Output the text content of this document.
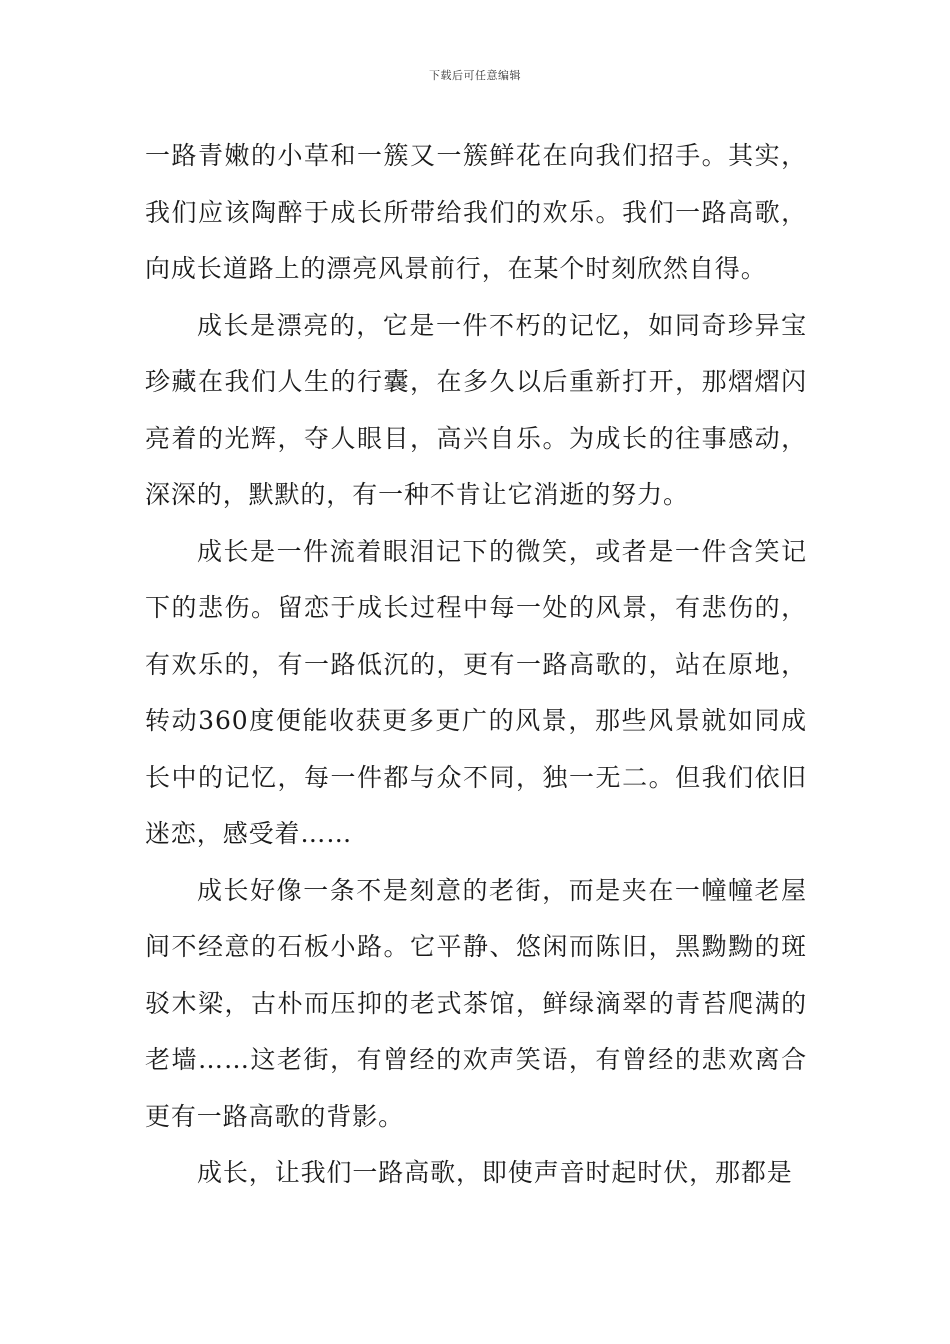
下载后可任意编辑

一路青嫩的小草和一簇又一簇鲜花在向我们招手。其实，我们应该陶醉于成长所带给我们的欢乐。我们一路高歌，向成长道路上的漂亮风景前行，在某个时刻欣然自得。

成长是漂亮的，它是一件不朽的记忆，如同奇珍异宝珍藏在我们人生的行囊，在多久以后重新打开，那熠熠闪亮着的光辉，夺人眼目，高兴自乐。为成长的往事感动，深深的，默默的，有一种不肯让它消逝的努力。

成长是一件流着眼泪记下的微笑，或者是一件含笑记下的悲伤。留恋于成长过程中每一处的风景，有悲伤的，有欢乐的，有一路低沉的，更有一路高歌的，站在原地，转动360度便能收获更多更广的风景，那些风景就如同成长中的记忆，每一件都与众不同，独一无二。但我们依旧迷恋，感受着……

成长好像一条不是刻意的老街，而是夹在一幢幢老屋间不经意的石板小路。它平静、悠闲而陈旧，黑黝黝的斑驳木梁，古朴而压抑的老式茶馆，鲜绿滴翠的青苔爬满的老墙……这老街，有曾经的欢声笑语，有曾经的悲欢离合更有一路高歌的背影。

成长，让我们一路高歌，即使声音时起时伏，那都是
